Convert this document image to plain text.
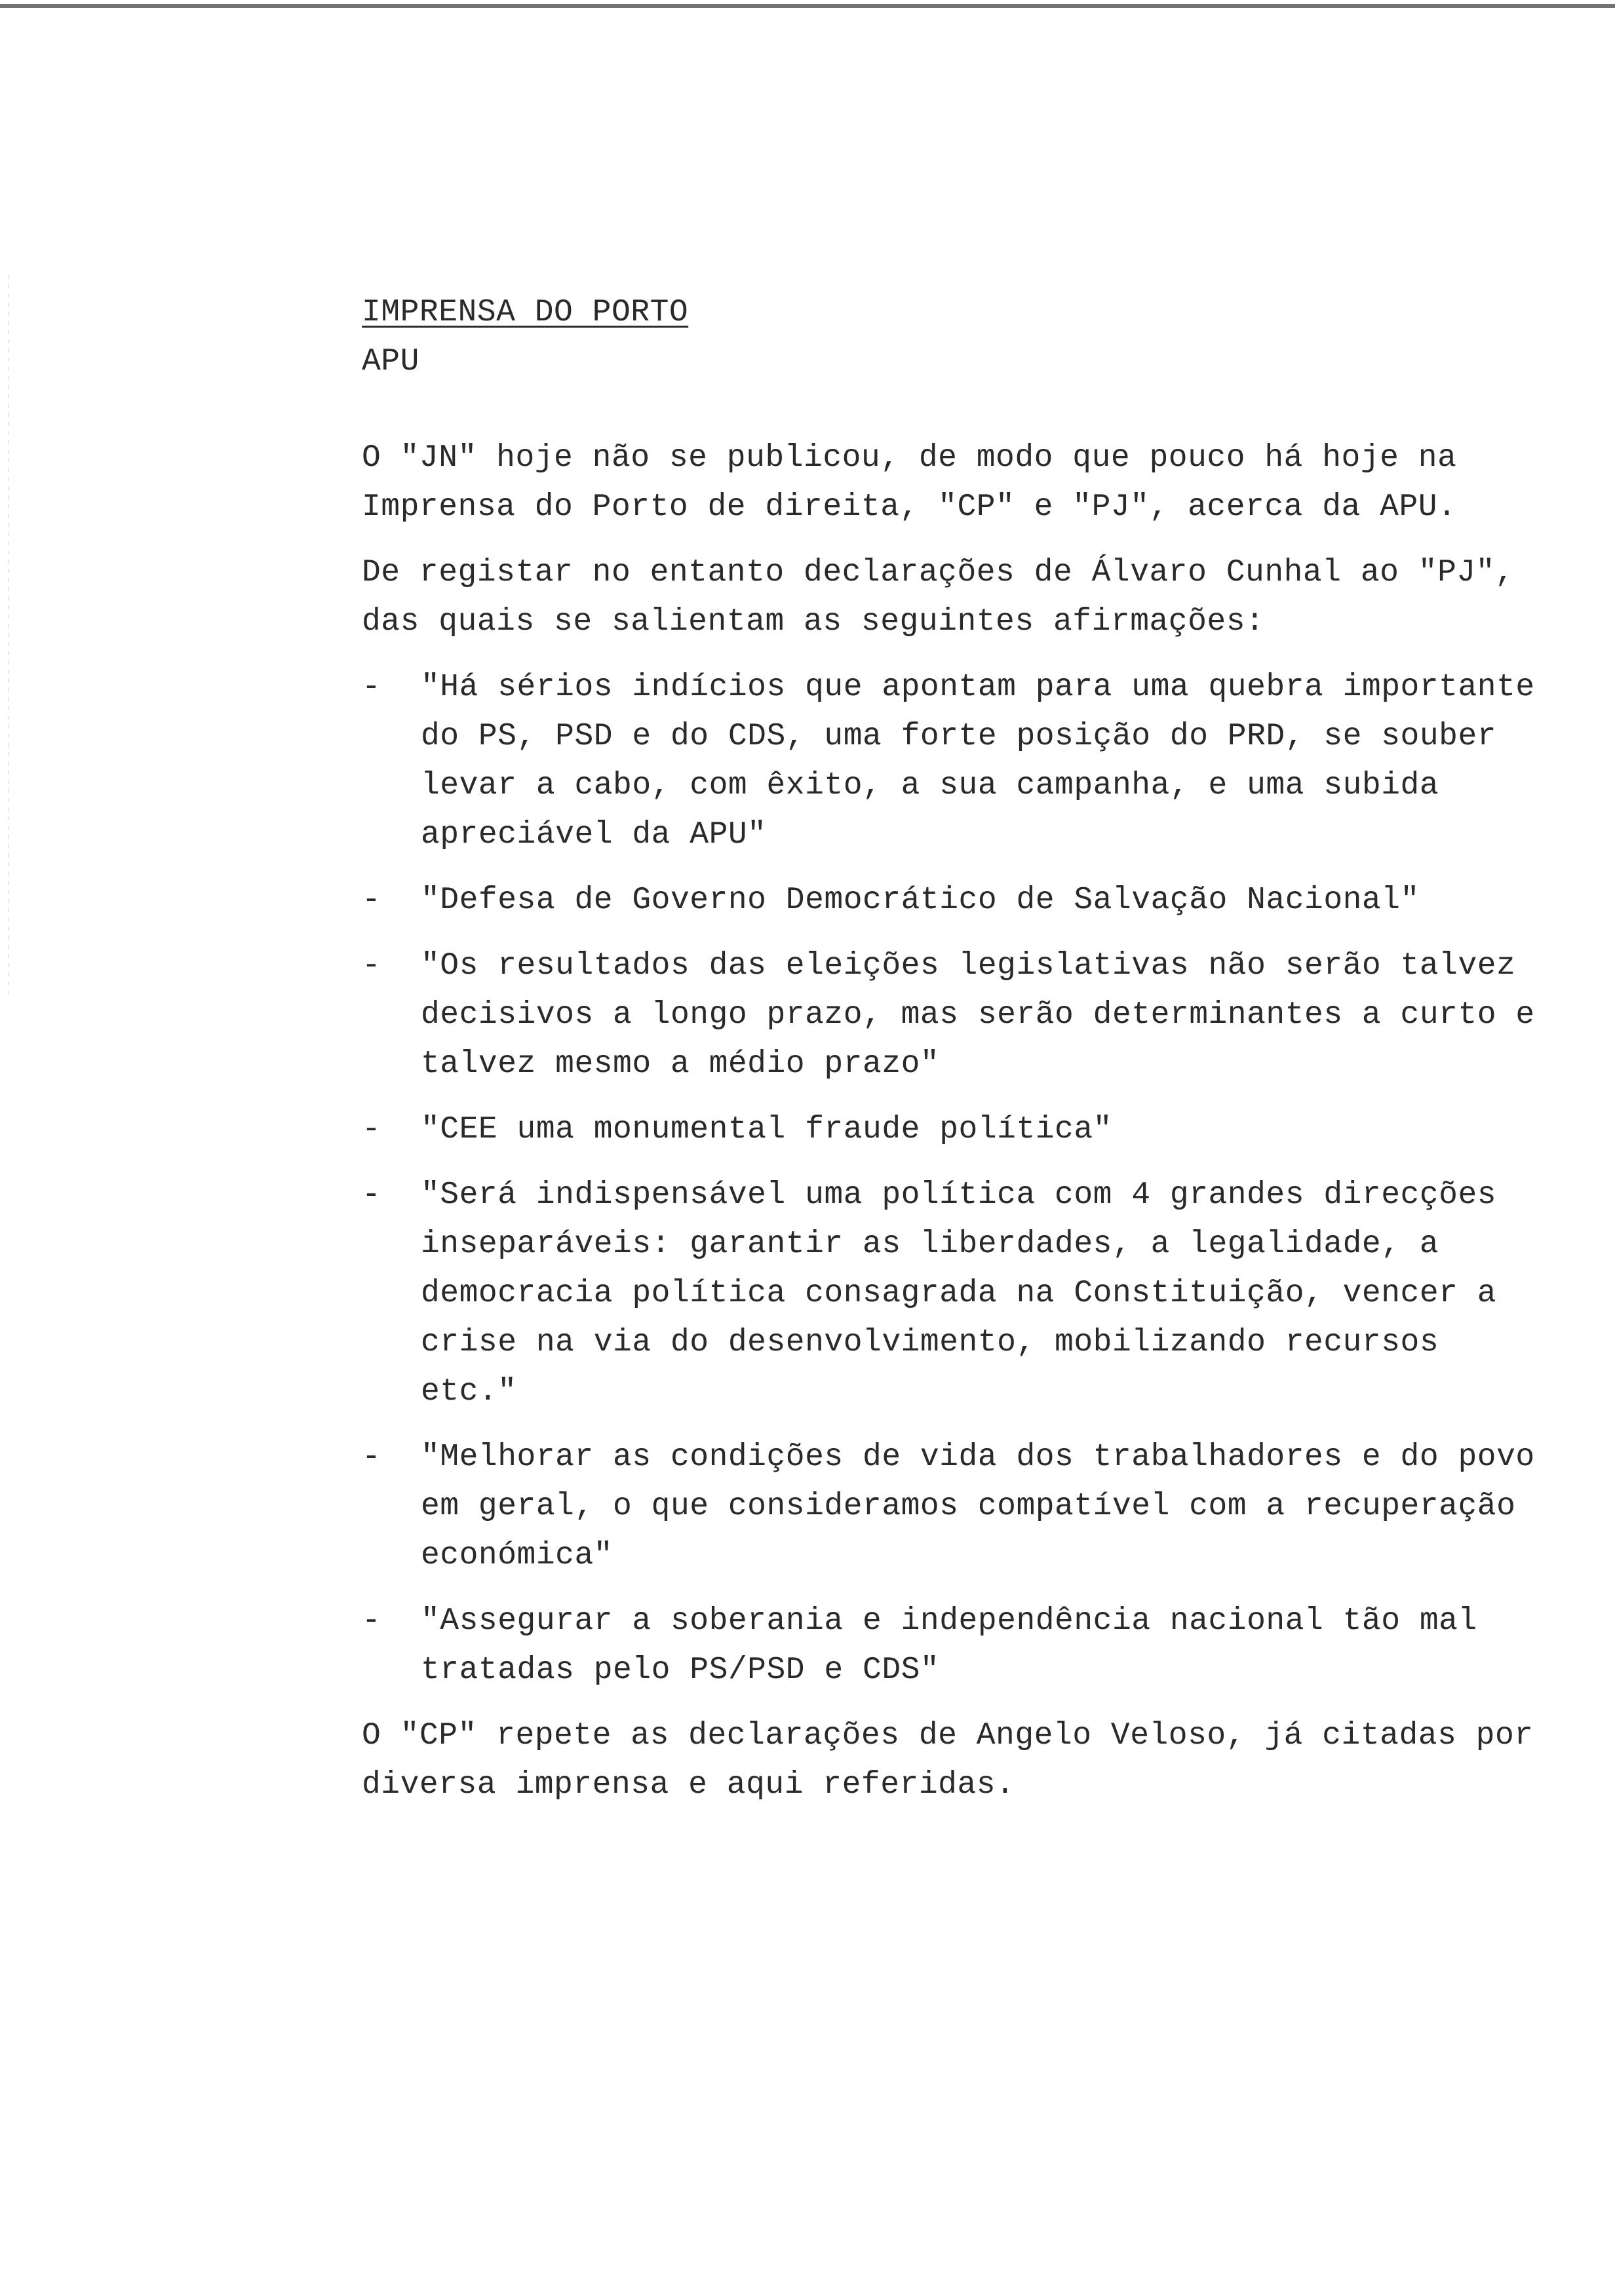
IMPRENSA DO PORTO

APU

O "JN" hoje não se publicou, de modo que pouco há hoje na Imprensa do Porto de direita, "CP" e "PJ", acerca da APU.

De registar no entanto declarações de Álvaro Cunhal ao "PJ", das quais se salientam as seguintes afirmações:

- "Há sérios indícios que apontam para uma quebra importante do PS, PSD e do CDS, uma forte posição do PRD, se souber levar a cabo, com êxito, a sua campanha, e uma subida apreciável da APU"
- "Defesa de Governo Democrático de Salvação Nacional"
- "Os resultados das eleições legislativas não serão talvez decisivos a longo prazo, mas serão determinantes a curto e talvez mesmo a médio prazo"
- "CEE uma monumental fraude política"
- "Será indispensável uma política com 4 grandes direcções inseparáveis: garantir as liberdades, a legalidade, a democracia política consagrada na Constituição, vencer a crise na via do desenvolvimento, mobilizando recursos etc."
- "Melhorar as condições de vida dos trabalhadores e do povo em geral, o que consideramos compatível com a recuperação económica"
- "Assegurar a soberania e independência nacional tão mal tratadas pelo PS/PSD e CDS"

O "CP" repete as declarações de Angelo Veloso, já citadas por diversa imprensa e aqui referidas.
